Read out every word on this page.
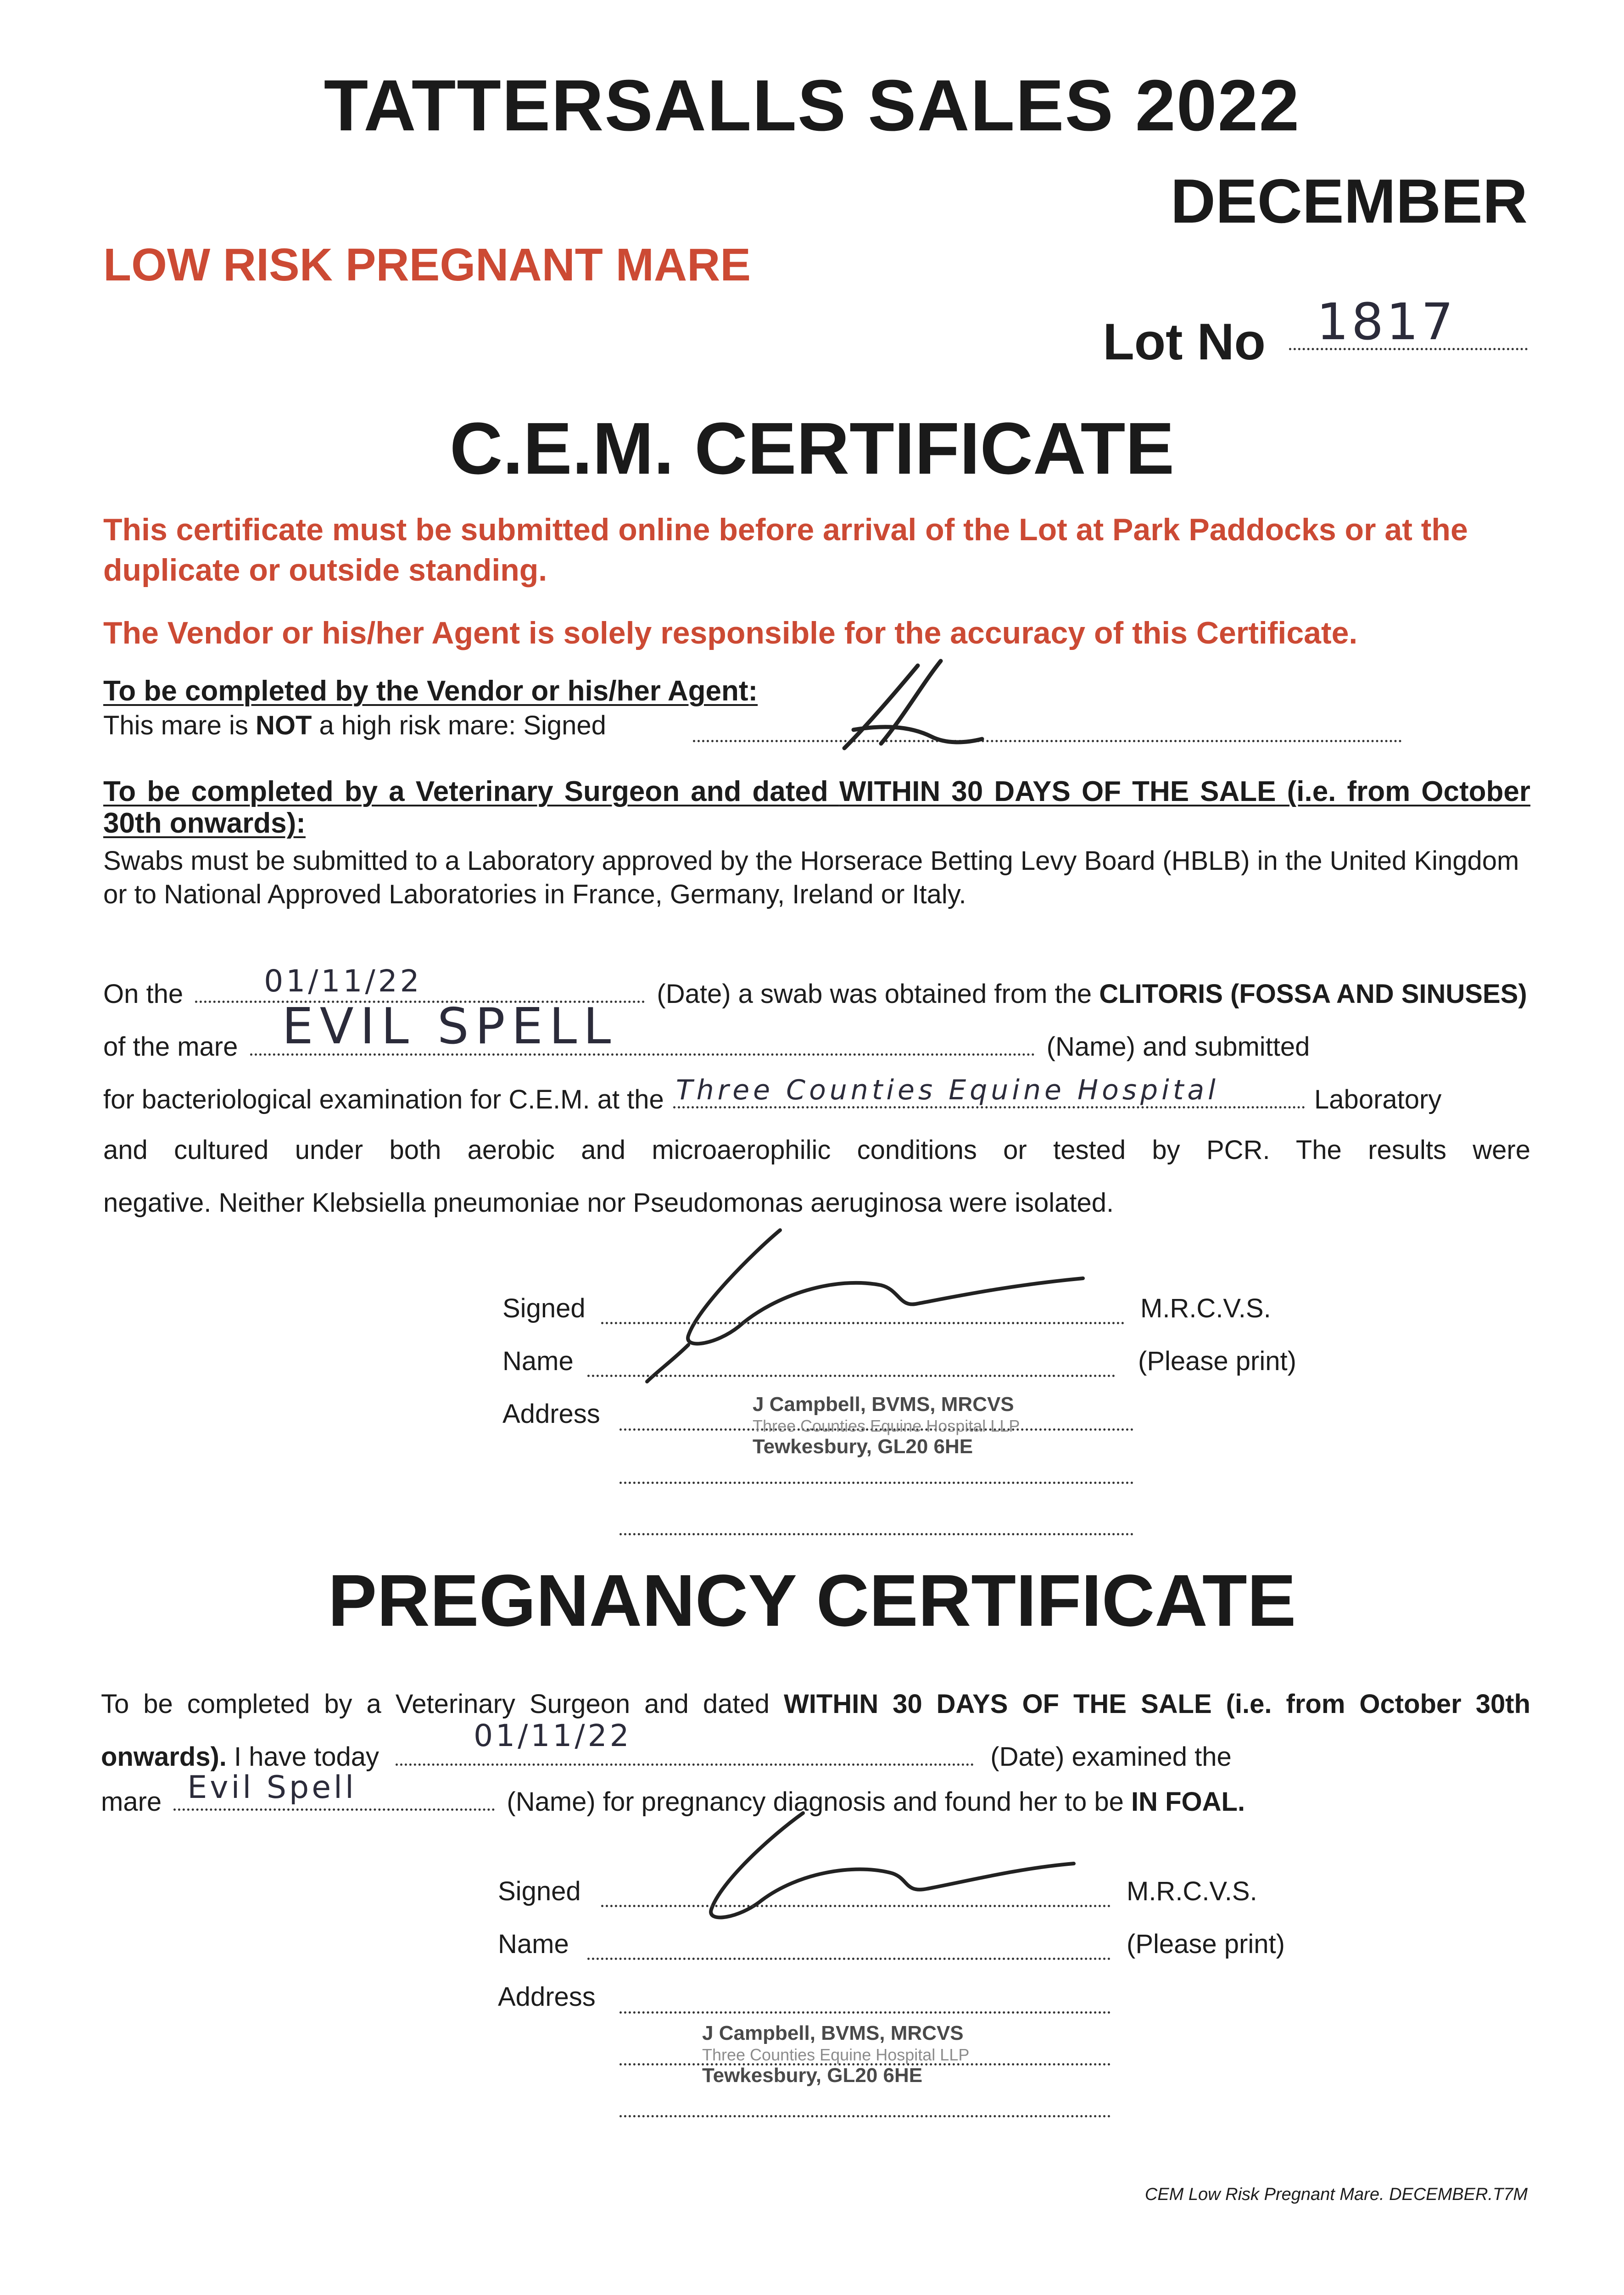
TATTERSALLS SALES 2022
DECEMBER
LOW RISK PREGNANT MARE
Lot No 1817
C.E.M. CERTIFICATE
This certificate must be submitted online before arrival of the Lot at Park Paddocks or at the duplicate or outside standing.
The Vendor or his/her Agent is solely responsible for the accuracy of this Certificate.
To be completed by the Vendor or his/her Agent:
This mare is NOT a high risk mare: Signed
To be completed by a Veterinary Surgeon and dated WITHIN 30 DAYS OF THE SALE (i.e. from October 30th onwards):
Swabs must be submitted to a Laboratory approved by the Horserace Betting Levy Board (HBLB) in the United Kingdom or to National Approved Laboratories in France, Germany, Ireland or Italy.
On the	01/11/22	(Date) a swab was obtained from the CLITORIS (FOSSA AND SINUSES)
of the mare EVIL SPELL	(Name) and submitted
for bacteriological examination for C.E.M. at the Three Counties Equine Hospital	Laboratory
and cultured under both aerobic and microaerophilic conditions or tested by PCR. The results were
negative. Neither Klebsiella pneumoniae nor Pseudomonas aeruginosa were isolated.
Signed	M.R.C.V.S.
Name	(Please print)
Address	J Campbell, BVMS, MRCVS
Three Counties Equine Hospital LLP
Tewkesbury, GL20 6HE
PREGNANCY CERTIFICATE
To be completed by a Veterinary Surgeon and dated WITHIN 30 DAYS OF THE SALE (i.e. from October 30th onwards). I have today
01/11/22
(Date) examined the
mare Evil Spell	(Name) for pregnancy diagnosis and found her to be IN FOAL.
Signed	M.R.C.V.S.
Name	(Please print)
Address
J Campbell, BVMS, MRCVS
Three Counties Equine Hospital LLP
Tewkesbury, GL20 6HE
CEM Low Risk Pregnant Mare. DECEMBER.T7M
